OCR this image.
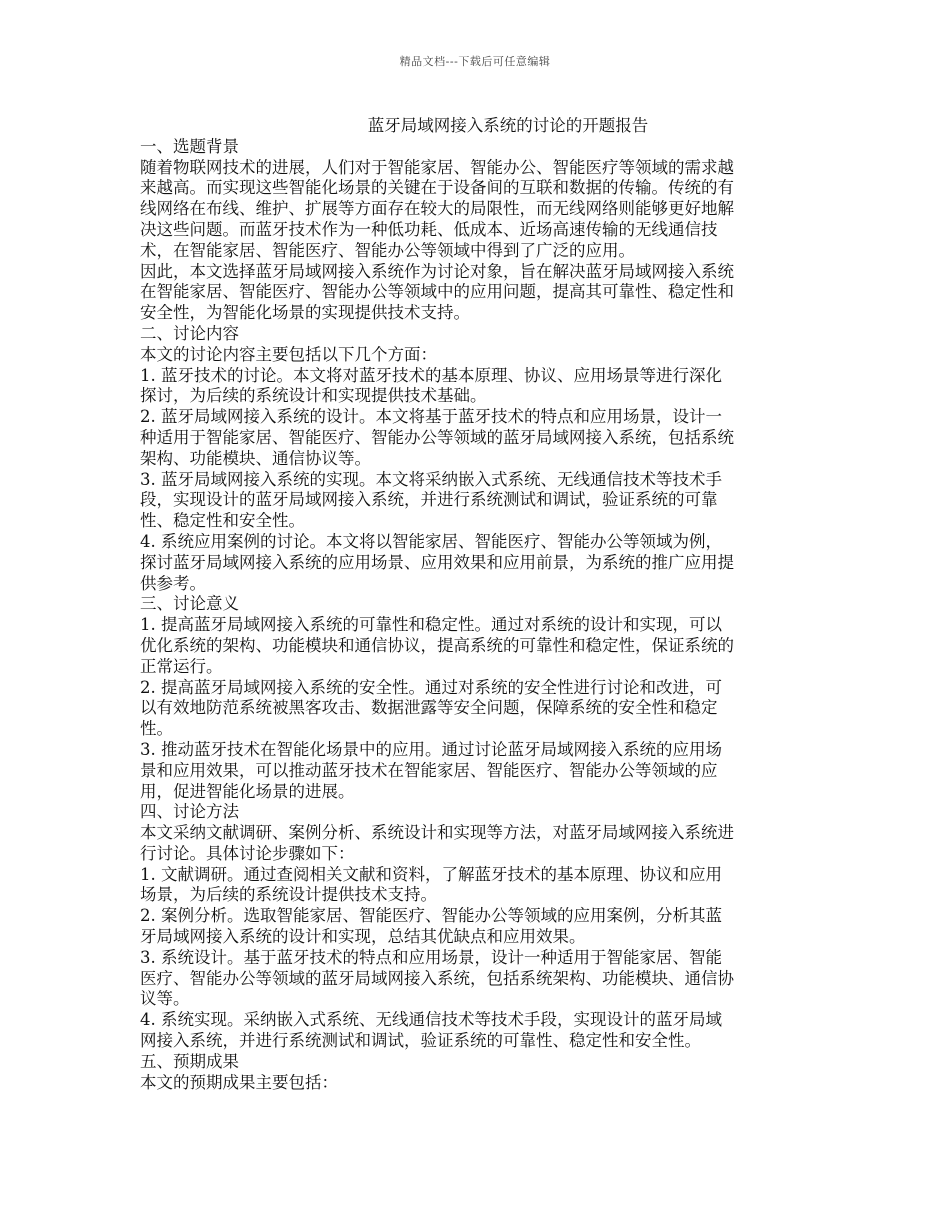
精品文档---下载后可任意编辑

蓝牙局域网接入系统的讨论的开题报告

一、选题背景

随着物联网技术的进展，人们对于智能家居、智能办公、智能医疗等领域的需求越

来越高。而实现这些智能化场景的关键在于设备间的互联和数据的传输。传统的有

线网络在布线、维护、扩展等方面存在较大的局限性，而无线网络则能够更好地解

决这些问题。而蓝牙技术作为一种低功耗、低成本、近场高速传输的无线通信技

术，在智能家居、智能医疗、智能办公等领域中得到了广泛的应用。

因此，本文选择蓝牙局域网接入系统作为讨论对象，旨在解决蓝牙局域网接入系统

在智能家居、智能医疗、智能办公等领域中的应用问题，提高其可靠性、稳定性和

安全性，为智能化场景的实现提供技术支持。

二、讨论内容

本文的讨论内容主要包括以下几个方面：

1. 蓝牙技术的讨论。本文将对蓝牙技术的基本原理、协议、应用场景等进行深化

探讨，为后续的系统设计和实现提供技术基础。

2. 蓝牙局域网接入系统的设计。本文将基于蓝牙技术的特点和应用场景，设计一

种适用于智能家居、智能医疗、智能办公等领域的蓝牙局域网接入系统，包括系统

架构、功能模块、通信协议等。

3. 蓝牙局域网接入系统的实现。本文将采纳嵌入式系统、无线通信技术等技术手

段，实现设计的蓝牙局域网接入系统，并进行系统测试和调试，验证系统的可靠

性、稳定性和安全性。

4. 系统应用案例的讨论。本文将以智能家居、智能医疗、智能办公等领域为例，

探讨蓝牙局域网接入系统的应用场景、应用效果和应用前景，为系统的推广应用提

供参考。

三、讨论意义

1. 提高蓝牙局域网接入系统的可靠性和稳定性。通过对系统的设计和实现，可以

优化系统的架构、功能模块和通信协议，提高系统的可靠性和稳定性，保证系统的

正常运行。

2. 提高蓝牙局域网接入系统的安全性。通过对系统的安全性进行讨论和改进，可

以有效地防范系统被黑客攻击、数据泄露等安全问题，保障系统的安全性和稳定

性。

3. 推动蓝牙技术在智能化场景中的应用。通过讨论蓝牙局域网接入系统的应用场

景和应用效果，可以推动蓝牙技术在智能家居、智能医疗、智能办公等领域的应

用，促进智能化场景的进展。

四、讨论方法

本文采纳文献调研、案例分析、系统设计和实现等方法，对蓝牙局域网接入系统进

行讨论。具体讨论步骤如下：

1. 文献调研。通过查阅相关文献和资料，了解蓝牙技术的基本原理、协议和应用

场景，为后续的系统设计提供技术支持。

2. 案例分析。选取智能家居、智能医疗、智能办公等领域的应用案例，分析其蓝

牙局域网接入系统的设计和实现，总结其优缺点和应用效果。

3. 系统设计。基于蓝牙技术的特点和应用场景，设计一种适用于智能家居、智能

医疗、智能办公等领域的蓝牙局域网接入系统，包括系统架构、功能模块、通信协

议等。

4. 系统实现。采纳嵌入式系统、无线通信技术等技术手段，实现设计的蓝牙局域

网接入系统，并进行系统测试和调试，验证系统的可靠性、稳定性和安全性。

五、预期成果

本文的预期成果主要包括：
